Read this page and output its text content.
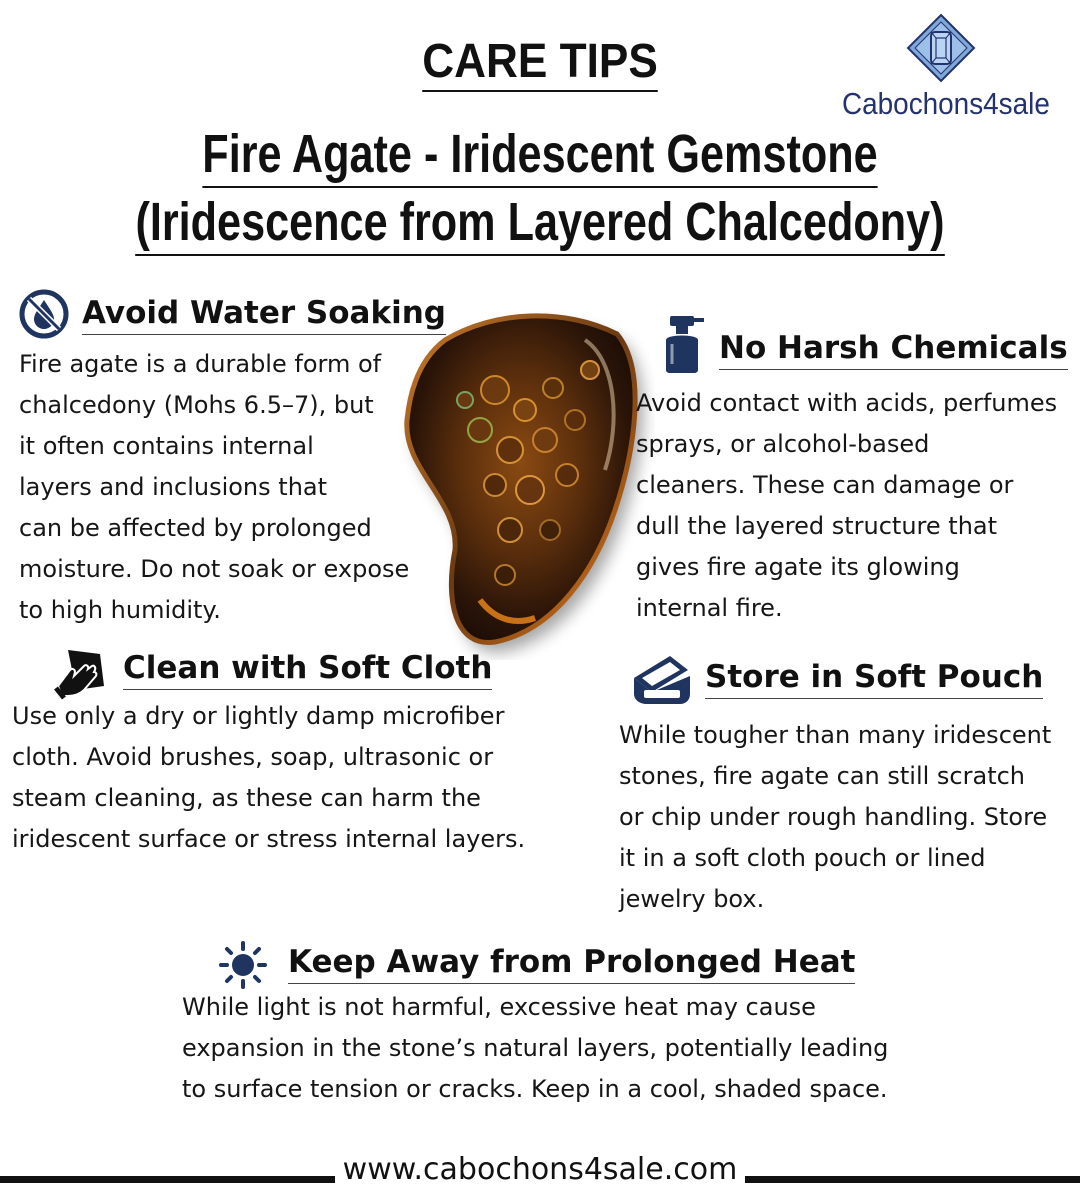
CARE TIPS
Fire Agate - Iridescent Gemstone
(Iridescence from Layered Chalcedony)
Cabochons4sale
Avoid Water Soaking
Fire agate is a durable form of
chalcedony (Mohs 6.5–7), but
it often contains internal
layers and inclusions that
can be affected by prolonged
moisture. Do not soak or expose
to high humidity.
No Harsh Chemicals
Avoid contact with acids, perfumes
sprays, or alcohol-based
cleaners. These can damage or
dull the layered structure that
gives fire agate its glowing
internal fire.
Clean with Soft Cloth
Use only a dry or lightly damp microfiber
cloth. Avoid brushes, soap, ultrasonic or
steam cleaning, as these can harm the
iridescent surface or stress internal layers.
Store in Soft Pouch
While tougher than many iridescent
stones, fire agate can still scratch
or chip under rough handling. Store
it in a soft cloth pouch or lined
jewelry box.
Keep Away from Prolonged Heat
While light is not harmful, excessive heat may cause
expansion in the stone’s natural layers, potentially leading
to surface tension or cracks. Keep in a cool, shaded space.
www.cabochons4sale.com
